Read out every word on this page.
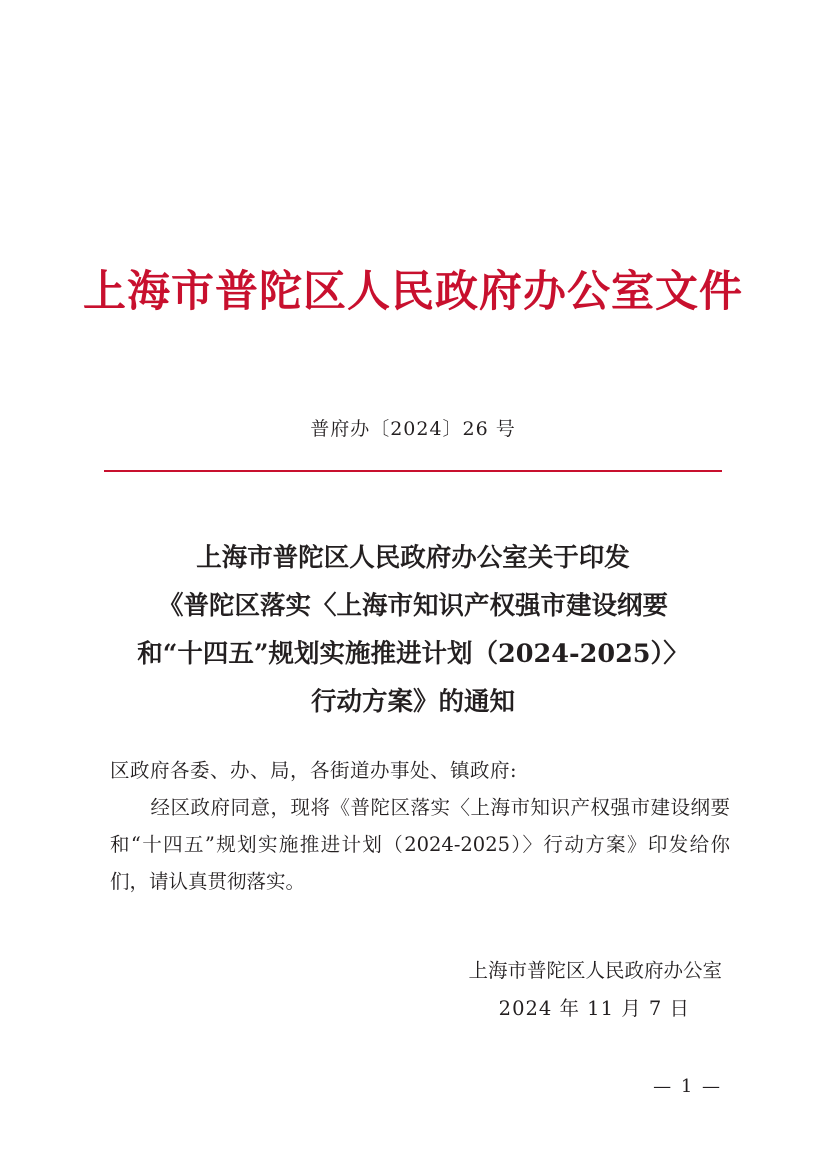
上海市普陀区人民政府办公室文件
普府办〔2024〕26 号
上海市普陀区人民政府办公室关于印发
《普陀区落实〈上海市知识产权强市建设纲要
和“十四五”规划实施推进计划（2024-2025）〉
行动方案》的通知

区政府各委、办、局，各街道办事处、镇政府:

经区政府同意，现将《普陀区落实〈上海市知识产权强市建设纲要和“十四五”规划实施推进计划（2024-2025）〉行动方案》印发给你们，请认真贯彻落实。

上海市普陀区人民政府办公室
2024 年 11 月 7 日
— 1 —
